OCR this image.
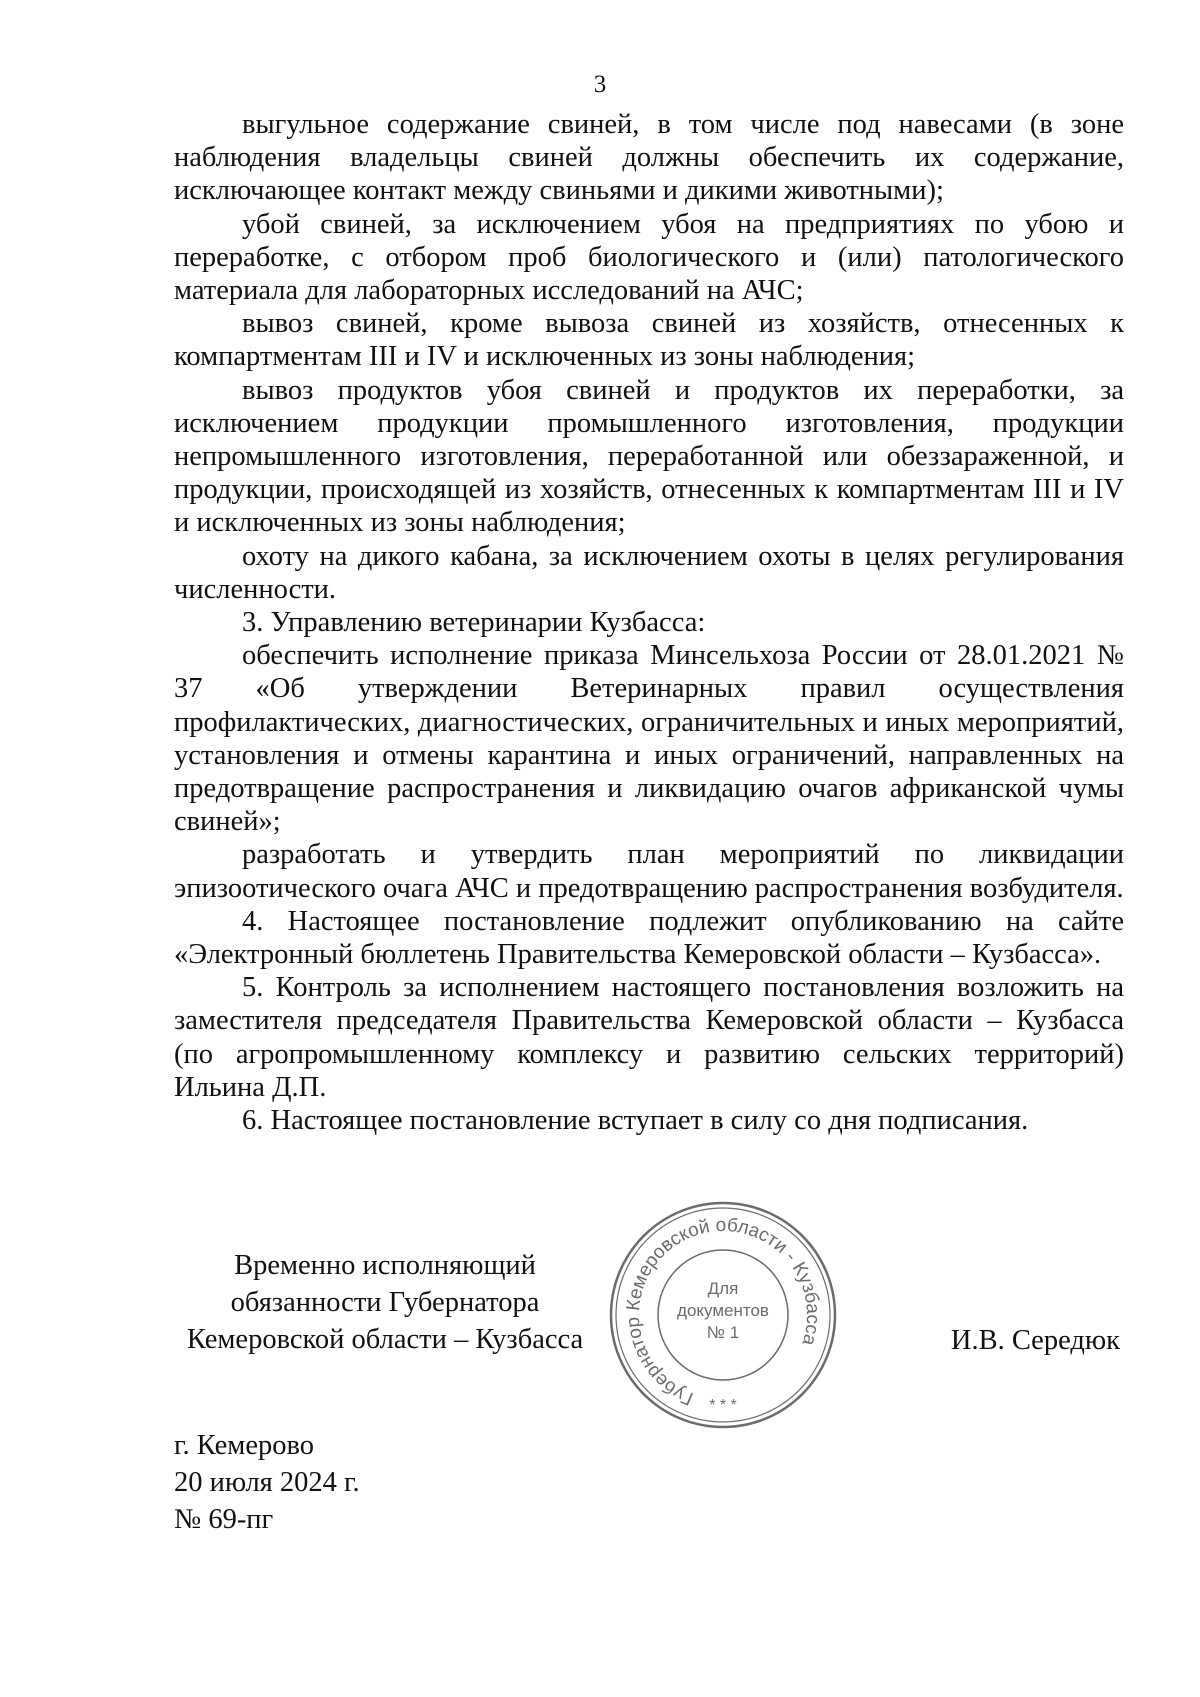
3

выгульное содержание свиней, в том числе под навесами (в зоне наблюдения владельцы свиней должны обеспечить их содержание, исключающее контакт между свиньями и дикими животными);

убой свиней, за исключением убоя на предприятиях по убою и переработке, с отбором проб биологического и (или) патологического материала для лабораторных исследований на АЧС;

вывоз свиней, кроме вывоза свиней из хозяйств, отнесенных к компартментам III и IV и исключенных из зоны наблюдения;

вывоз продуктов убоя свиней и продуктов их переработки, за исключением продукции промышленного изготовления, продукции непромышленного изготовления, переработанной или обеззараженной, и продукции, происходящей из хозяйств, отнесенных к компартментам III и IV и исключенных из зоны наблюдения;

охоту на дикого кабана, за исключением охоты в целях регулирования численности.

3. Управлению ветеринарии Кузбасса:

обеспечить исполнение приказа Минсельхоза России от 28.01.2021 № 37 «Об утверждении Ветеринарных правил осуществления профилактических, диагностических, ограничительных и иных мероприятий, установления и отмены карантина и иных ограничений, направленных на предотвращение распространения и ликвидацию очагов африканской чумы свиней»;

разработать и утвердить план мероприятий по ликвидации эпизоотического очага АЧС и предотвращению распространения возбудителя.

4. Настоящее постановление подлежит опубликованию на сайте «Электронный бюллетень Правительства Кемеровской области – Кузбасса».

5. Контроль за исполнением настоящего постановления возложить на заместителя председателя Правительства Кемеровской области – Кузбасса (по агропромышленному комплексу и развитию сельских территорий) Ильина Д.П.

6. Настоящее постановление вступает в силу со дня подписания.

Временно исполняющий
обязанности Губернатора
Кемеровской области – Кузбасса
Губернатор Кемеровской области - Кузбасса
Для
документов
№ 1
* * *
И.В. Середюк
г. Кемерово
20 июля 2024 г.
№ 69-пг
